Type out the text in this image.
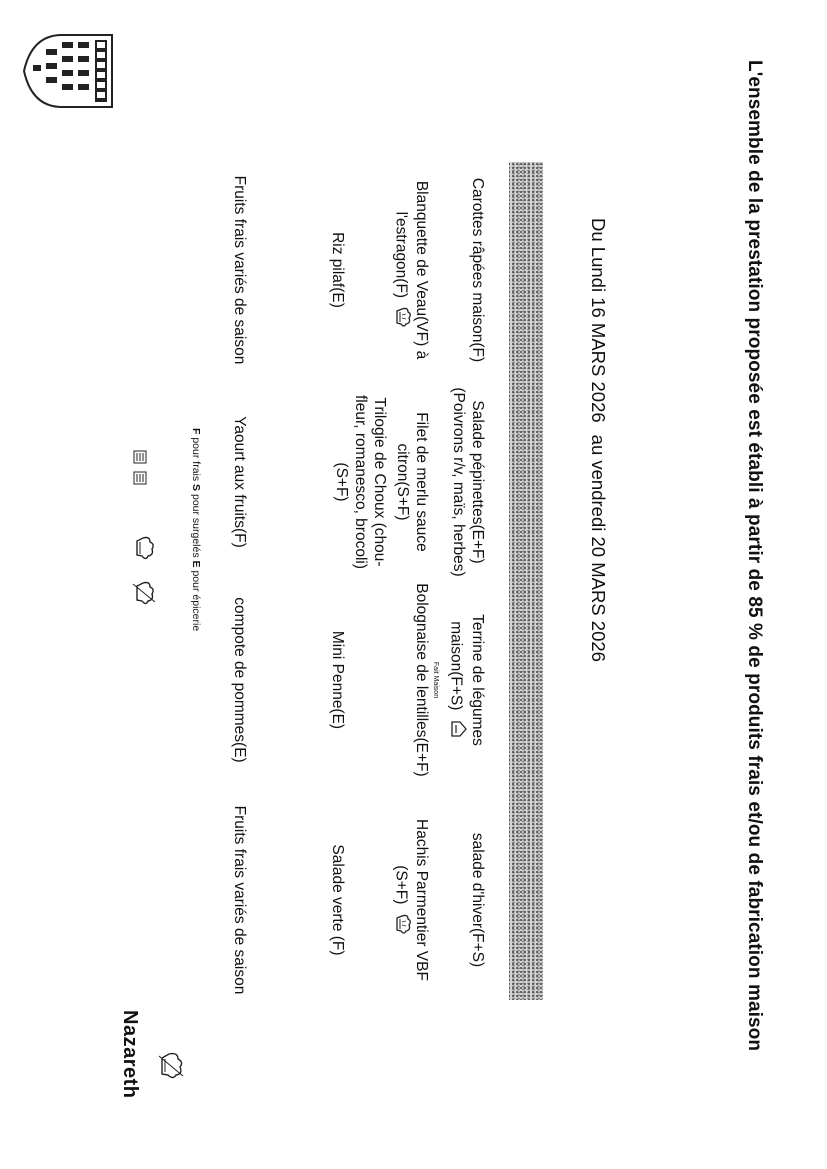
L'ensemble de la prestation proposée est établi à partir de 85 % de produits frais et/ou de fabrication maison
Du Lundi 16 MARS 2026au vendredi 20 MARS 2026
Carottes râpées maison(F)
Blanquette de Veau(VF) à l'estragon(F)
Riz pilaf(E)
Fruits frais variés de saison
Salade pépinettes(E+F) (Poivrons r/v, maïs, herbes)
Filet de merlu sauce citron(S+F)
Trilogie de Choux (chou-fleur, romanesco, brocoli)(S+F)
Yaourt aux fruits(F)
Terrine de légumes maison(F+S)
Fait Maison
Bolognaise de lentilles(E+F)
Mini Penne(E)
compote de pommes(E)
salade d'hiver(F+S)
Hachis Parmentier VBF (S+F)
Salade verte (F)
Fruits frais variés de saison
F pour frais S pour surgelés E pour épicerie
Nazareth
